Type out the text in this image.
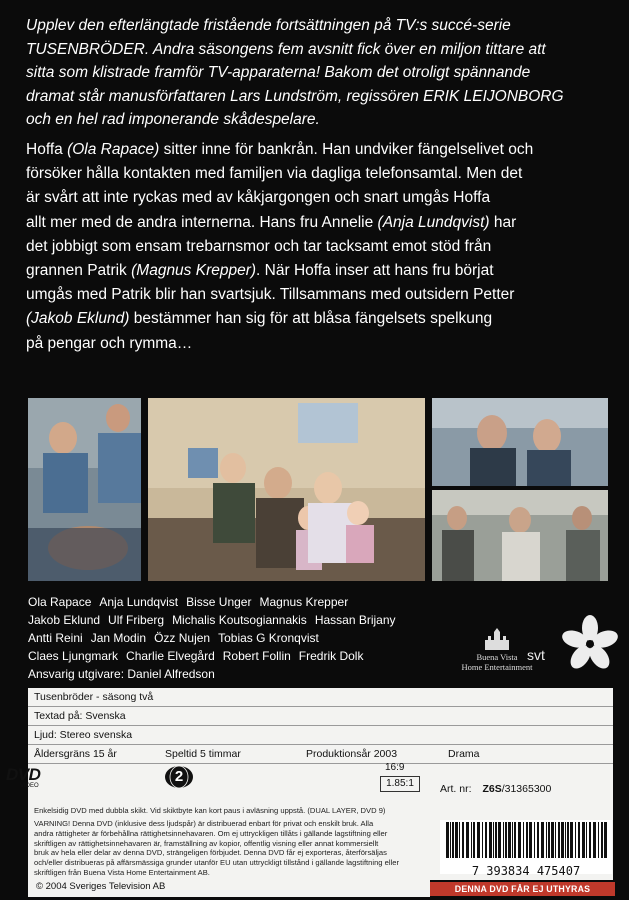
Upplev den efterlängtade fristående fortsättningen på TV:s succé-serie
TUSENBRÖDER. Andra säsongens fem avsnitt fick över en miljon tittare att
sitta som klistrade framför TV-apparaterna! Bakom det otroligt spännande
dramat står manusförfattaren Lars Lundström, regissören ERIK LEIJONBORG
och en hel rad imponerande skådespelare.
Hoffa (Ola Rapace) sitter inne för bankrån. Han undviker fängelselivet och
försöker hålla kontakten med familjen via dagliga telefonsamtal. Men det
är svårt att inte ryckas med av kåkjargongen och snart umgås Hoffa
allt mer med de andra internerna. Hans fru Annelie (Anja Lundqvist) har
det jobbigt som ensam trebarnsmor och tar tacksamt emot stöd från
grannen Patrik (Magnus Krepper). När Hoffa inser att hans fru börjat
umgås med Patrik blir han svartsjuk. Tillsammans med outsidern Petter
(Jakob Eklund) bestämmer han sig för att blåsa fängelsets spelkung
på pengar och rymma…
Ola Rapace Anja Lundqvist Bisse Unger Magnus Krepper
Jakob Eklund Ulf Friberg Michalis Koutsogiannakis Hassan Brijany
Antti Reini Jan Modin Özz Nujen Tobias G Kronqvist
Claes Ljungmark Charlie Elvegård Robert Follin Fredrik Dolk
Ansvarig utgivare: Daniel Alfredson
Buena Vista
Home Entertainment
svt
Tusenbröder - säsong två
Textad på: Svenska
Ljud: Stereo svenska
Åldersgräns 15 år	Speltid 5 timmar	Produktionsår 2003	Drama
DVD
VIDEO
2
16:9
1.85:1	Art. nr: Z6S/31365300
Enkelsidig DVD med dubbla skikt. Vid skiktbyte kan kort paus i avläsning uppstå. (DUAL LAYER, DVD 9)
VARNING! Denna DVD (inklusive dess ljudspår) är distribuerad enbart för privat och enskilt bruk. Alla
andra rättigheter är förbehållna rättighetsinnehavaren. Om ej uttryckligen tillåts i gällande lagstiftning eller
skriftligen av rättighetsinnehavaren är, framställning av kopior, offentlig visning eller annat kommersiellt
bruk av hela eller delar av denna DVD, strängeligen förbjudet. Denna DVD får ej exporteras, återförsäljas
och/eller distribueras på affärsmässiga grunder utanför EU utan uttryckligt tillstånd i gällande lagstiftning eller
skriftligen från Buena Vista Home Entertainment AB.	7 393834 475407
© 2004 Sveriges Television AB	DENNA DVD FÅR EJ UTHYRAS
